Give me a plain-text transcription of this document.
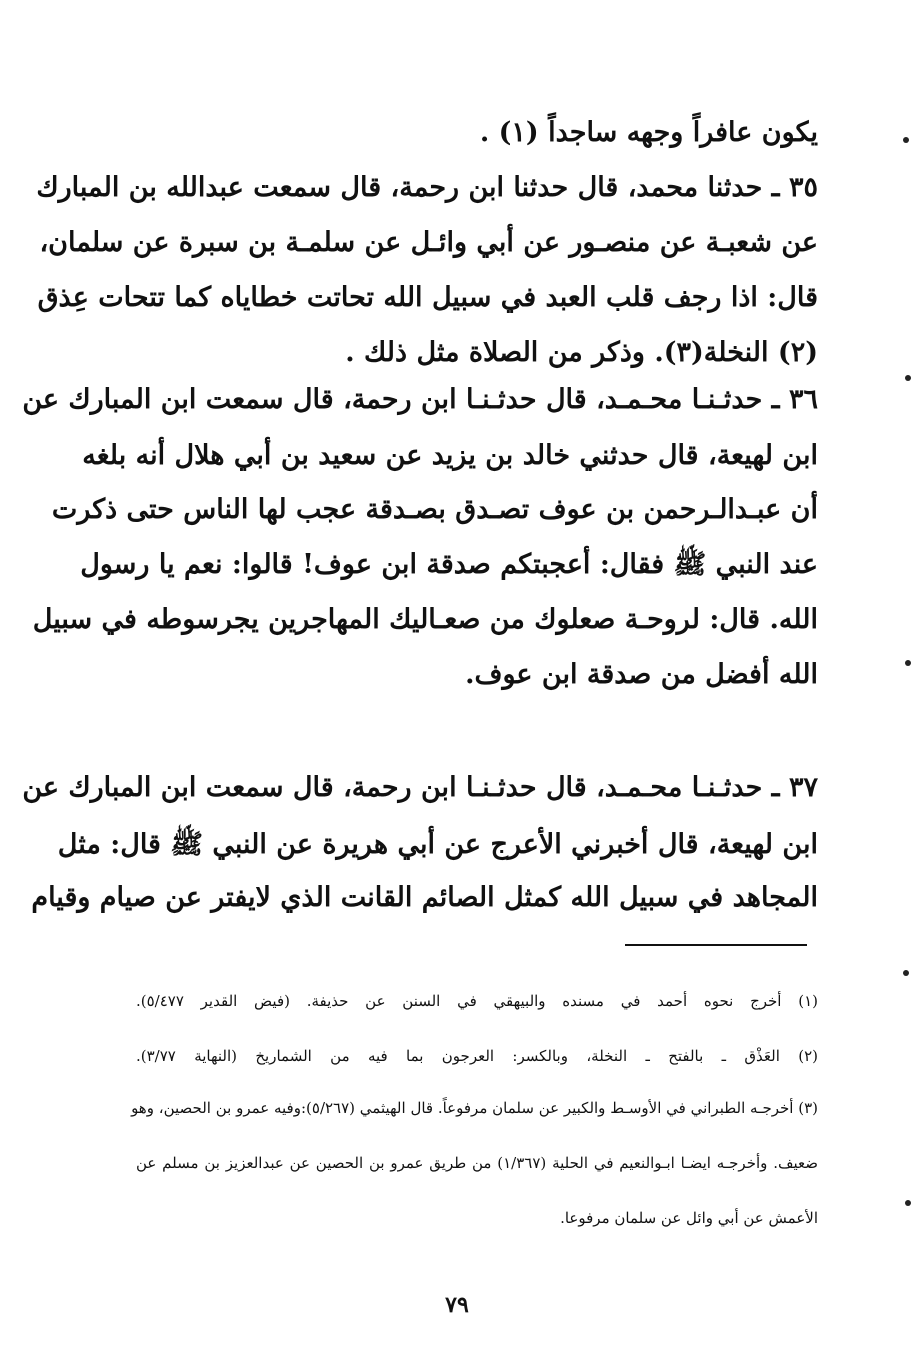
يكون عافراً وجهه ساجداً (١) .
٣٥ ـ حدثنا محمد، قال حدثنا ابن رحمة، قال سمعت عبدالله بن المبارك
عن شعبـة عن منصـور عن أبي وائـل عن سلمـة بن سبرة عن سلمان،
قال: اذا رجف قلب العبد في سبيل الله تحاتت خطاياه كما تتحات عِذق
(٢) النخلة(٣). وذكر من الصلاة مثل ذلك .
٣٦ ـ حدثـنـا محـمـد، قال حدثـنـا ابن رحمة، قال سمعت ابن المبارك عن
ابن لهيعة، قال حدثني خالد بن يزيد عن سعيد بن أبي هلال أنه بلغه
أن عبـدالـرحمن بن عوف تصـدق بصـدقة عجب لها الناس حتى ذكرت
عند النبي ﷺ فقال: أعجبتكم صدقة ابن عوف! قالوا: نعم يا رسول
الله. قال: لروحـة صعلوك من صعـاليك المهاجرين يجرسوطه في سبيل
الله أفضل من صدقة ابن عوف.
٣٧ ـ حدثـنـا محـمـد، قال حدثـنـا ابن رحمة، قال سمعت ابن المبارك عن
ابن لهيعة، قال أخبرني الأعرج عن أبي هريرة عن النبي ﷺ قال: مثل
المجاهد في سبيل الله كمثل الصائم القانت الذي لايفتر عن صيام وقيام
(١) أخرج نحوه أحمد في مسنده والبيهقي في السنن عن حذيفة. (فيض القدير ٥/٤٧٧).
(٢) العَذْق ـ بالفتح ـ النخلة، وبالكسر: العرجون بما فيه من الشماريخ (النهاية ٣/٧٧).
(٣) أخرجـه الطبراني في الأوسـط والكبير عن سلمان مرفوعاً. قال الهيثمي (٥/٢٦٧):وفيه عمرو بن الحصين، وهو
ضعيف. وأخرجـه ايضـا ابـوالنعيم في الحلية (١/٣٦٧) من طريق عمرو بن الحصين عن عبدالعزيز بن مسلم عن
الأعمش عن أبي وائل عن سلمان مرفوعا.
٧٩
